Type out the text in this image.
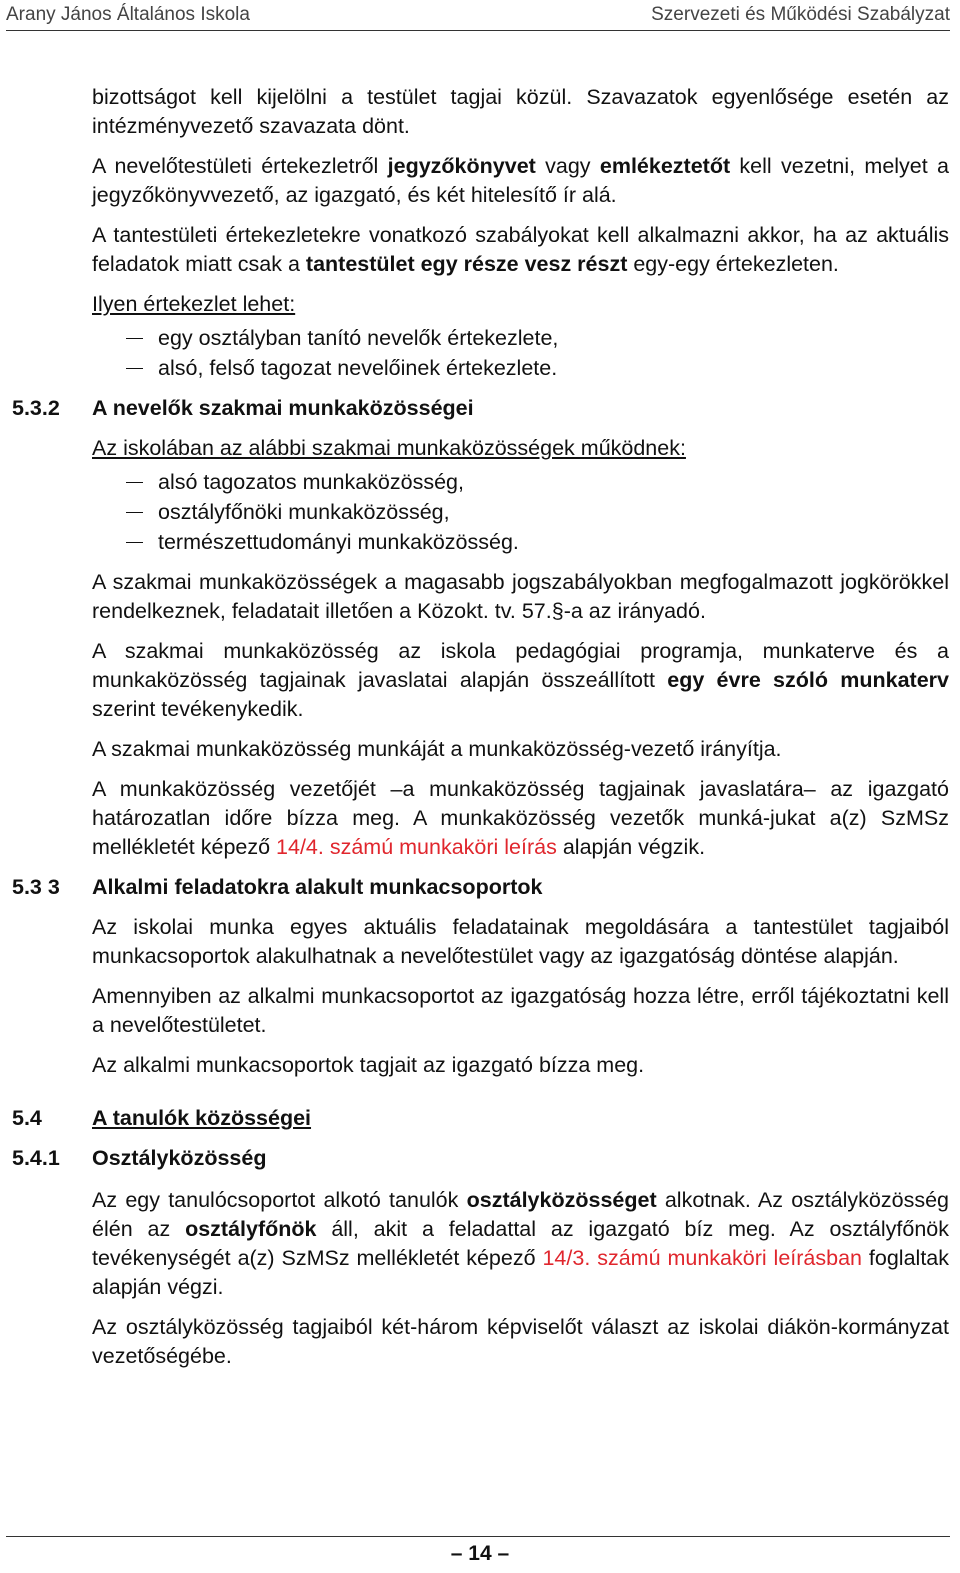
Arany János Általános Iskola	Szervezeti és Működési Szabályzat

bizottságot kell kijelölni a testület tagjai közül. Szavazatok egyenlősége esetén az intézményvezető szavazata dönt.

A nevelőtestületi értekezletről jegyzőkönyvet vagy emlékeztetőt kell vezetni, melyet a jegyzőkönyvvezető, az igazgató, és két hitelesítő ír alá.

A tantestületi értekezletekre vonatkozó szabályokat kell alkalmazni akkor, ha az aktuális feladatok miatt csak a tantestület egy része vesz részt egy-egy értekezleten.

Ilyen értekezlet lehet:

egy osztályban tanító nevelők értekezlete,
alsó, felső tagozat nevelőinek értekezlete.
5.3.2 A nevelők szakmai munkaközösségei

Az iskolában az alábbi szakmai munkaközösségek működnek:

alsó tagozatos munkaközösség,
osztályfőnöki munkaközösség,
természettudományi munkaközösség.

A szakmai munkaközösségek a magasabb jogszabályokban megfogalmazott jogkörökkel rendelkeznek, feladatait illetően a Közokt. tv. 57.§-a az irányadó.

A szakmai munkaközösség az iskola pedagógiai programja, munkaterve és a munkaközösség tagjainak javaslatai alapján összeállított egy évre szóló munkaterv szerint tevékenykedik.

A szakmai munkaközösség munkáját a munkaközösség-vezető irányítja.

A munkaközösség vezetőjét –a munkaközösség tagjainak javaslatára– az igazgató határozatlan időre bízza meg. A munkaközösség vezetők munká-jukat a(z) SzMSz mellékletét képező 14/4. számú munkaköri leírás alapján végzik.

5.3 3 Alkalmi feladatokra alakult munkacsoportok

Az iskolai munka egyes aktuális feladatainak megoldására a tantestület tagjaiból munkacsoportok alakulhatnak a nevelőtestület vagy az igazgatóság döntése alapján.

Amennyiben az alkalmi munkacsoportot az igazgatóság hozza létre, erről tájékoztatni kell a nevelőtestületet.

Az alkalmi munkacsoportok tagjait az igazgató bízza meg.

5.4 A tanulók közösségei
5.4.1 Osztályközösség

Az egy tanulócsoportot alkotó tanulók osztályközösséget alkotnak. Az osztályközösség élén az osztályfőnök áll, akit a feladattal az igazgató bíz meg. Az osztályfőnök tevékenységét a(z) SzMSz mellékletét képező 14/3. számú munkaköri leírásban foglaltak alapján végzi.

Az osztályközösség tagjaiból két-három képviselőt választ az iskolai diákön-kormányzat vezetőségébe.

– 14 –
